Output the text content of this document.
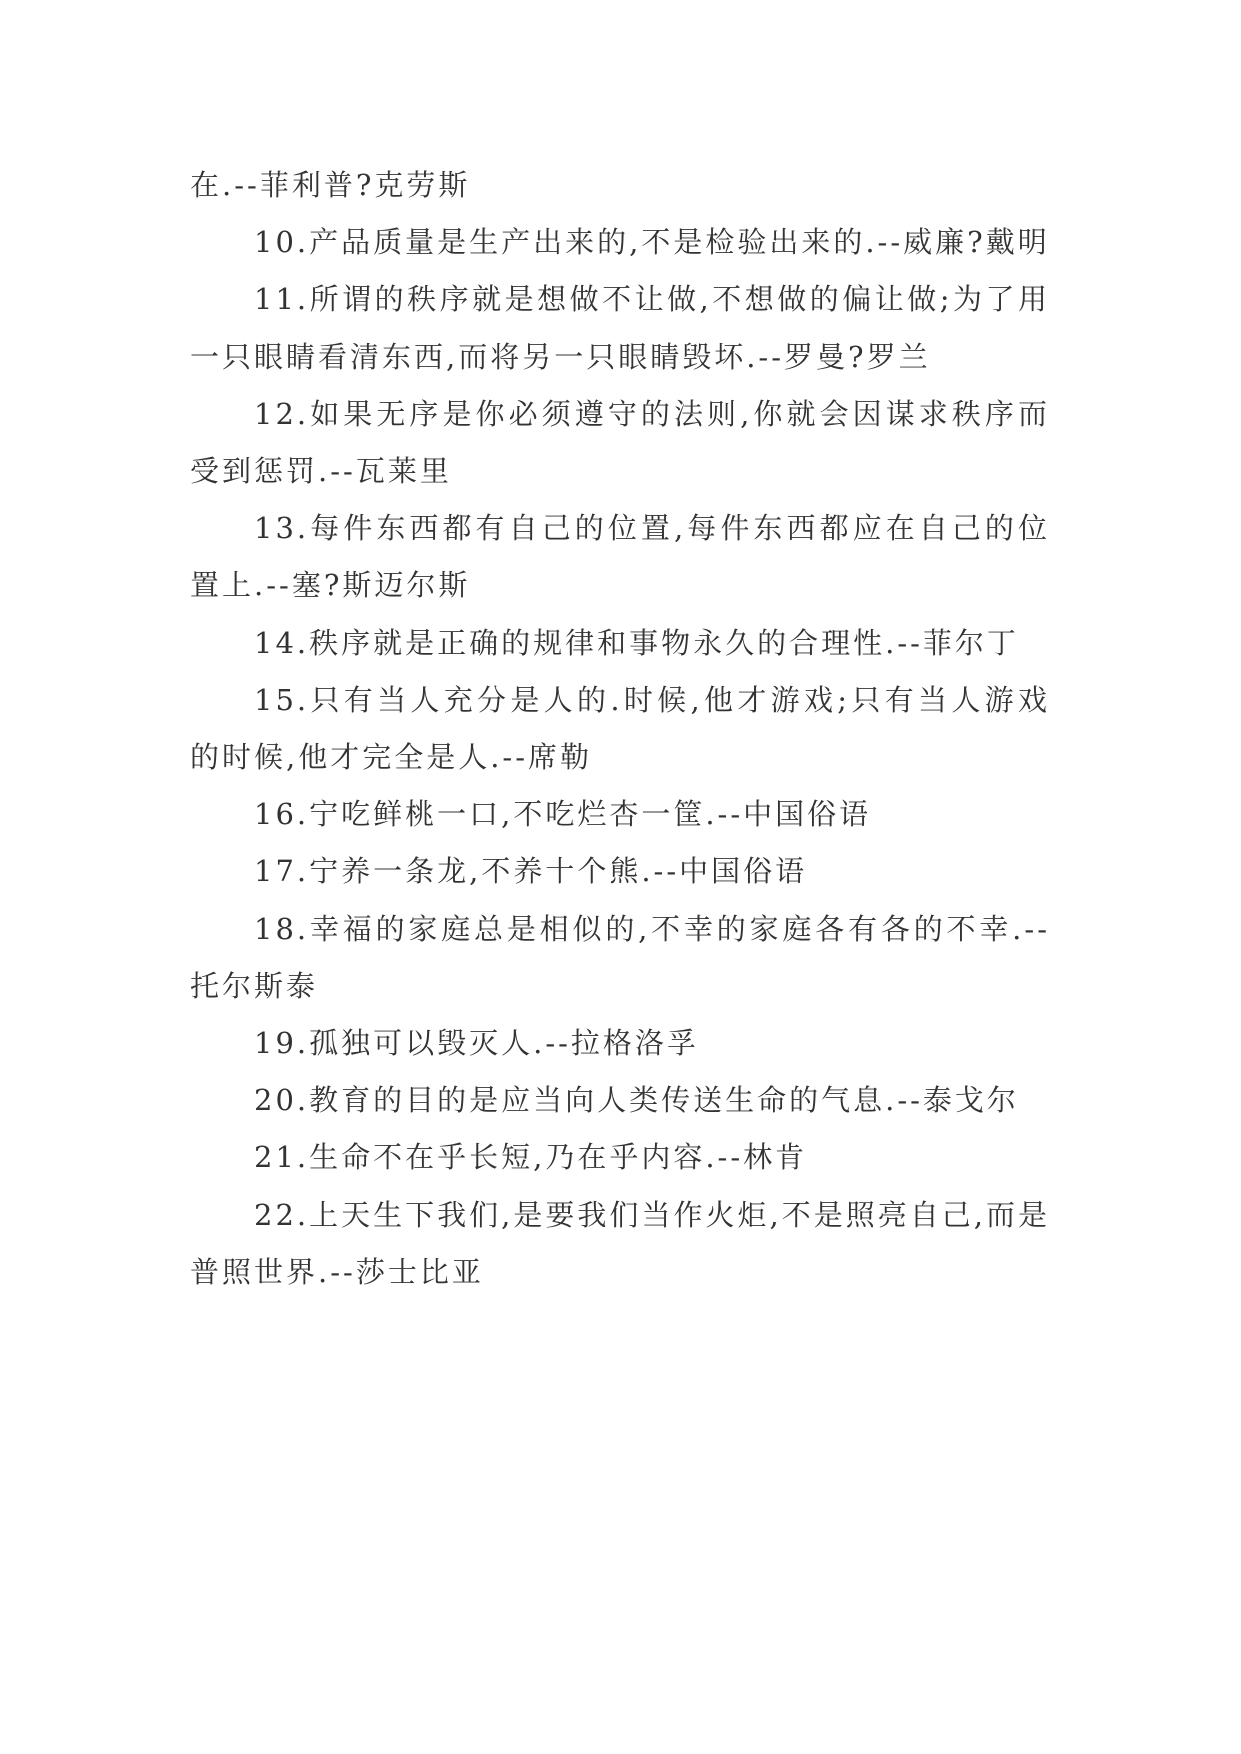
在.--菲利普?克劳斯

10.产品质量是生产出来的,不是检验出来的.--威廉?戴明

11.所谓的秩序就是想做不让做,不想做的偏让做;为了用一只眼睛看清东西,而将另一只眼睛毁坏.--罗曼?罗兰

12.如果无序是你必须遵守的法则,你就会因谋求秩序而受到惩罚.--瓦莱里

13.每件东西都有自己的位置,每件东西都应在自己的位置上.--塞?斯迈尔斯

14.秩序就是正确的规律和事物永久的合理性.--菲尔丁

15.只有当人充分是人的.时候,他才游戏;只有当人游戏的时候,他才完全是人.--席勒

16.宁吃鲜桃一口,不吃烂杏一筐.--中国俗语

17.宁养一条龙,不养十个熊.--中国俗语

18.幸福的家庭总是相似的,不幸的家庭各有各的不幸.--托尔斯泰

19.孤独可以毁灭人.--拉格洛孚

20.教育的目的是应当向人类传送生命的气息.--泰戈尔

21.生命不在乎长短,乃在乎内容.--林肯

22.上天生下我们,是要我们当作火炬,不是照亮自己,而是普照世界.--莎士比亚
